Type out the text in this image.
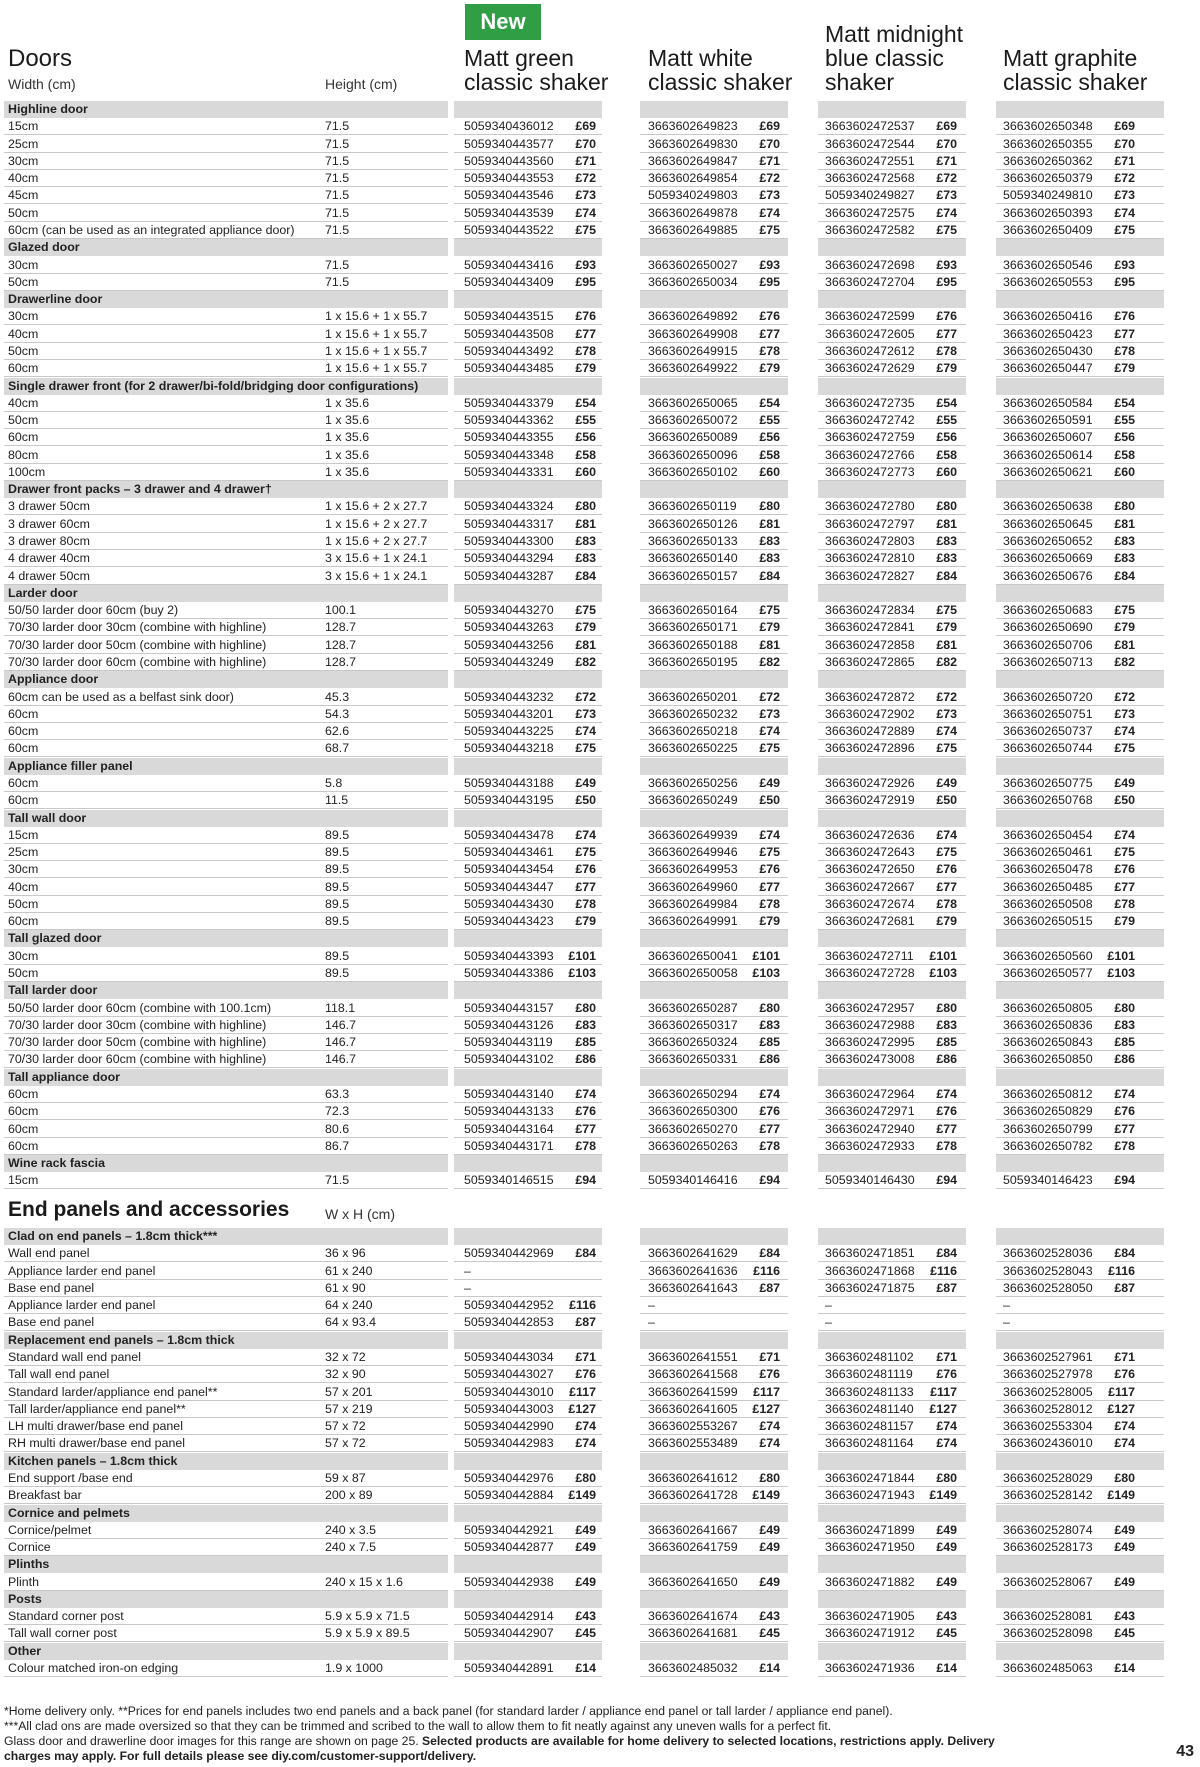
New
Doors
Width (cm)	Height (cm)
Matt green
classic shaker
Matt white
classic shaker
Matt midnight
blue classic
shaker
Matt graphite
classic shaker
Highline door
15cm	71.5	5059340436012	£69	3663602649823	£69	3663602472537	£69	3663602650348	£69
25cm	71.5	5059340443577	£70	3663602649830	£70	3663602472544	£70	3663602650355	£70
30cm	71.5	5059340443560	£71	3663602649847	£71	3663602472551	£71	3663602650362	£71
40cm	71.5	5059340443553	£72	3663602649854	£72	3663602472568	£72	3663602650379	£72
45cm	71.5	5059340443546	£73	5059340249803	£73	5059340249827	£73	5059340249810	£73
50cm	71.5	5059340443539	£74	3663602649878	£74	3663602472575	£74	3663602650393	£74
60cm (can be used as an integrated appliance door)	71.5	5059340443522	£75	3663602649885	£75	3663602472582	£75	3663602650409	£75
Glazed door
30cm	71.5	5059340443416	£93	3663602650027	£93	3663602472698	£93	3663602650546	£93
50cm	71.5	5059340443409	£95	3663602650034	£95	3663602472704	£95	3663602650553	£95
Drawerline door
30cm	1 x 15.6 + 1 x 55.7	5059340443515	£76	3663602649892	£76	3663602472599	£76	3663602650416	£76
40cm	1 x 15.6 + 1 x 55.7	5059340443508	£77	3663602649908	£77	3663602472605	£77	3663602650423	£77
50cm	1 x 15.6 + 1 x 55.7	5059340443492	£78	3663602649915	£78	3663602472612	£78	3663602650430	£78
60cm	1 x 15.6 + 1 x 55.7	5059340443485	£79	3663602649922	£79	3663602472629	£79	3663602650447	£79
Single drawer front (for 2 drawer/bi-fold/bridging door configurations)
40cm	1 x 35.6	5059340443379	£54	3663602650065	£54	3663602472735	£54	3663602650584	£54
50cm	1 x 35.6	5059340443362	£55	3663602650072	£55	3663602472742	£55	3663602650591	£55
60cm	1 x 35.6	5059340443355	£56	3663602650089	£56	3663602472759	£56	3663602650607	£56
80cm	1 x 35.6	5059340443348	£58	3663602650096	£58	3663602472766	£58	3663602650614	£58
100cm	1 x 35.6	5059340443331	£60	3663602650102	£60	3663602472773	£60	3663602650621	£60
Drawer front packs – 3 drawer and 4 drawer†
3 drawer 50cm	1 x 15.6 + 2 x 27.7	5059340443324	£80	3663602650119	£80	3663602472780	£80	3663602650638	£80
3 drawer 60cm	1 x 15.6 + 2 x 27.7	5059340443317	£81	3663602650126	£81	3663602472797	£81	3663602650645	£81
3 drawer 80cm	1 x 15.6 + 2 x 27.7	5059340443300	£83	3663602650133	£83	3663602472803	£83	3663602650652	£83
4 drawer 40cm	3 x 15.6 + 1 x 24.1	5059340443294	£83	3663602650140	£83	3663602472810	£83	3663602650669	£83
4 drawer 50cm	3 x 15.6 + 1 x 24.1	5059340443287	£84	3663602650157	£84	3663602472827	£84	3663602650676	£84
Larder door
50/50 larder door 60cm (buy 2)	100.1	5059340443270	£75	3663602650164	£75	3663602472834	£75	3663602650683	£75
70/30 larder door 30cm (combine with highline)	128.7	5059340443263	£79	3663602650171	£79	3663602472841	£79	3663602650690	£79
70/30 larder door 50cm (combine with highline)	128.7	5059340443256	£81	3663602650188	£81	3663602472858	£81	3663602650706	£81
70/30 larder door 60cm (combine with highline)	128.7	5059340443249	£82	3663602650195	£82	3663602472865	£82	3663602650713	£82
Appliance door
60cm can be used as a belfast sink door)	45.3	5059340443232	£72	3663602650201	£72	3663602472872	£72	3663602650720	£72
60cm	54.3	5059340443201	£73	3663602650232	£73	3663602472902	£73	3663602650751	£73
60cm	62.6	5059340443225	£74	3663602650218	£74	3663602472889	£74	3663602650737	£74
60cm	68.7	5059340443218	£75	3663602650225	£75	3663602472896	£75	3663602650744	£75
Appliance filler panel
60cm	5.8	5059340443188	£49	3663602650256	£49	3663602472926	£49	3663602650775	£49
60cm	11.5	5059340443195	£50	3663602650249	£50	3663602472919	£50	3663602650768	£50
Tall wall door
15cm	89.5	5059340443478	£74	3663602649939	£74	3663602472636	£74	3663602650454	£74
25cm	89.5	5059340443461	£75	3663602649946	£75	3663602472643	£75	3663602650461	£75
30cm	89.5	5059340443454	£76	3663602649953	£76	3663602472650	£76	3663602650478	£76
40cm	89.5	5059340443447	£77	3663602649960	£77	3663602472667	£77	3663602650485	£77
50cm	89.5	5059340443430	£78	3663602649984	£78	3663602472674	£78	3663602650508	£78
60cm	89.5	5059340443423	£79	3663602649991	£79	3663602472681	£79	3663602650515	£79
Tall glazed door
30cm	89.5	5059340443393	£101	3663602650041	£101	3663602472711	£101	3663602650560	£101
50cm	89.5	5059340443386	£103	3663602650058	£103	3663602472728	£103	3663602650577	£103
Tall larder door
50/50 larder door 60cm (combine with 100.1cm)	118.1	5059340443157	£80	3663602650287	£80	3663602472957	£80	3663602650805	£80
70/30 larder door 30cm (combine with highline)	146.7	5059340443126	£83	3663602650317	£83	3663602472988	£83	3663602650836	£83
70/30 larder door 50cm (combine with highline)	146.7	5059340443119	£85	3663602650324	£85	3663602472995	£85	3663602650843	£85
70/30 larder door 60cm (combine with highline)	146.7	5059340443102	£86	3663602650331	£86	3663602473008	£86	3663602650850	£86
Tall appliance door
60cm	63.3	5059340443140	£74	3663602650294	£74	3663602472964	£74	3663602650812	£74
60cm	72.3	5059340443133	£76	3663602650300	£76	3663602472971	£76	3663602650829	£76
60cm	80.6	5059340443164	£77	3663602650270	£77	3663602472940	£77	3663602650799	£77
60cm	86.7	5059340443171	£78	3663602650263	£78	3663602472933	£78	3663602650782	£78
Wine rack fascia
15cm	71.5	5059340146515	£94	5059340146416	£94	5059340146430	£94	5059340146423	£94
End panels and accessories	W x H (cm)
Clad on end panels – 1.8cm thick***
Wall end panel	36 x 96	5059340442969	£84	3663602641629	£84	3663602471851	£84	3663602528036	£84
Appliance larder end panel	61 x 240	–	3663602641636	£116	3663602471868	£116	3663602528043	£116
Base end panel	61 x 90	–	3663602641643	£87	3663602471875	£87	3663602528050	£87
Appliance larder end panel	64 x 240	5059340442952	£116	–	–	–
Base end panel	64 x 93.4	5059340442853	£87	–	–	–
Replacement end panels – 1.8cm thick
Standard wall end panel	32 x 72	5059340443034	£71	3663602641551	£71	3663602481102	£71	3663602527961	£71
Tall wall end panel	32 x 90	5059340443027	£76	3663602641568	£76	3663602481119	£76	3663602527978	£76
Standard larder/appliance end panel**	57 x 201	5059340443010	£117	3663602641599	£117	3663602481133	£117	3663602528005	£117
Tall larder/appliance end panel**	57 x 219	5059340443003	£127	3663602641605	£127	3663602481140	£127	3663602528012	£127
LH multi drawer/base end panel	57 x 72	5059340442990	£74	3663602553267	£74	3663602481157	£74	3663602553304	£74
RH multi drawer/base end panel	57 x 72	5059340442983	£74	3663602553489	£74	3663602481164	£74	3663602436010	£74
Kitchen panels – 1.8cm thick
End support /base end	59 x 87	5059340442976	£80	3663602641612	£80	3663602471844	£80	3663602528029	£80
Breakfast bar	200 x 89	5059340442884	£149	3663602641728	£149	3663602471943	£149	3663602528142	£149
Cornice and pelmets
Cornice/pelmet	240 x 3.5	5059340442921	£49	3663602641667	£49	3663602471899	£49	3663602528074	£49
Cornice	240 x 7.5	5059340442877	£49	3663602641759	£49	3663602471950	£49	3663602528173	£49
Plinths
Plinth	240 x 15 x 1.6	5059340442938	£49	3663602641650	£49	3663602471882	£49	3663602528067	£49
Posts
Standard corner post	5.9 x 5.9 x 71.5	5059340442914	£43	3663602641674	£43	3663602471905	£43	3663602528081	£43
Tall wall corner post	5.9 x 5.9 x 89.5	5059340442907	£45	3663602641681	£45	3663602471912	£45	3663602528098	£45
Other
Colour matched iron-on edging	1.9 x 1000	5059340442891	£14	3663602485032	£14	3663602471936	£14	3663602485063	£14
*Home delivery only. **Prices for end panels includes two end panels and a back panel (for standard larder / appliance end panel or tall larder / appliance end panel).
***All clad ons are made oversized so that they can be trimmed and scribed to the wall to allow them to fit neatly against any uneven walls for a perfect fit.
Glass door and drawerline door images for this range are shown on page 25. Selected products are available for home delivery to selected locations, restrictions apply. Delivery charges may apply. For full details please see diy.com/customer-support/delivery.	43
